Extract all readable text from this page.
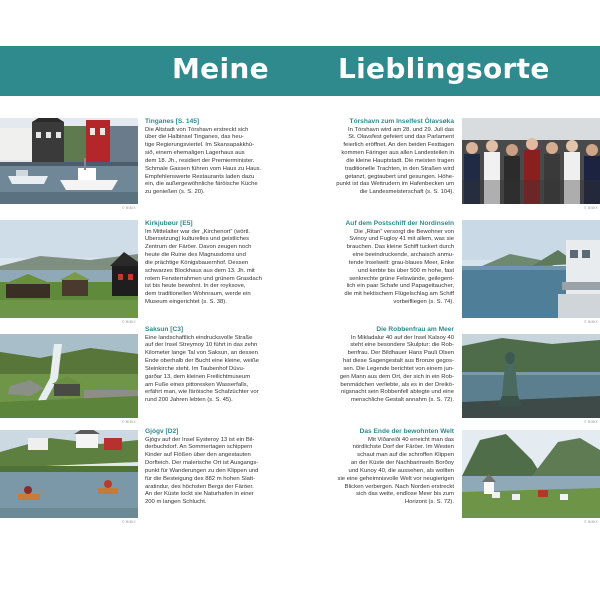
Meine Lieblingsorte
© BIBIX
© BIBIX
© BIBIX
© BIBIX
© BIBIX
© BIBIX
© BIBIX
© BIBIX
Tinganes [S. 145]
Die Altstadt von Tórshavn erstreckt sich
über die Halbinsel Tinganes, das heu-
tige Regierungsviertel. Im Skansapakkhú-
sið, einem ehemaligen Lagerhaus aus
dem 18. Jh., residiert der Premierminister.
Schmale Gassen führen vom Haus zu Haus.
Empfehlenswerte Restaurants laden dazu
ein, die außergewöhnliche färöische Küche
zu genießen (s. S. 20).
Kirkjubøur [E5]
Im Mittelalter war der „Kirchenort“ (wörtl.
Übersetzung) kulturelles und geistliches
Zentrum der Färöer. Davon zeugen noch
heute die Ruine des Magnusdoms und
die prächtige Königsbauernhof. Dessen
schwarzes Blockhaus aus dem 13. Jh. mit
rotem Fensterrahmen und grünem Grasdach
ist bis heute bewohnt. In der royksove,
dem traditionellen Wohnraum, werde ein
Museum eingerichtet (s. S. 38).
Saksun [C3]
Eine landschaftlich eindrucksvolle Straße
auf der Insel Streymoy 10 führt in das zehn
Kilometer lange Tal von Saksun, an dessen
Ende oberhalb der Bucht eine kleine, weiße
Steinkirche steht. Im Taubenhof Dúvu-
garðar 13, dem kleinen Freilichtmuseum
am Fuße eines pittoresken Wasserfalls,
erfährt man, wie färöische Schafzüchter vor
rund 200 Jahren lebten (s. S. 45).
Gjógv [D2]
Gjógv auf der Insel Eysteroy 13 ist ein Bil-
derbuchdorf. An Sommertagen schippern
Kinder auf Flößen über den angestauten
Dorfteich. Der malerische Ort ist Ausgangs-
punkt für Wanderungen zu den Klippen und
für die Besteigung des 882 m hohen Slatt-
aratindur, des höchsten Bergs der Färöer.
An der Küste lockt sie Naturhafen in einer
200 m langen Schlucht.
Tórshavn zum Inselfest Ólavsøka
In Tórshavn wird am 28. und 29. Juli das
St. Olavsfest gefeiert und das Parlament
feierlich eröffnet. An den beiden Festtagen
kommen Färinger aus allen Landesteilen in
die kleine Hauptstadt. Die meisten tragen
traditionelle Trachten, in den Straßen wird
getanzt, gegtaubert und gesungen. Höhe-
punkt ist das Wettrudern im Hafenbecken um
die Landesmeisterschaft (s. S. 104).
Auf dem Postschiff der Nordinseln
Die „Ritan“ versorgt die Bewohner von
Svinoy und Fugloy 41 mit allem, was sie
brauchen. Das kleine Schiff tuckert durch
eine beeindruckende, archaisch anmu-
tende Inselwelt: grau-blaues Meer, Enke
und kerbte bis über 500 m hohe, fast
senkrechte grüne Felswände, geilegent-
lich ein paar Schafe und Papageitaucher,
die mit hektischem Flügelschlag am Schiff
vorbeifliegen (s. S. 74).
Die Robbenfrau am Meer
In Mikladalur 40 auf der Insel Kalsoy 40
steht eine besondere Skulptur: die Rob-
benfrau. Der Bildhauer Hans Pauli Olsen
hat diese Sagengestalt aus Bronze gegos-
sen. Die Legende berichtet von einem jun-
gen Mann aus dem Ort, der sich in ein Rob-
benmädchen verliebte, als es in der Dreikö-
nigsnacht sein Robbenfell abtegte und eine
menschliche Gestalt annahm (s. S. 72).
Das Ende der bewohnten Welt
Mit Viðareiði 40 erreicht man das
nördlichste Dorf der Färöer. Im Westen
schaut man auf die schroffen Klippen
an der Küste der Nachbarinseln Borðoy
und Kunoy 40, die aussehen, als wollten
sie eine geheimnisvolle Welt vor neugierigen
Blicken verbergen. Nach Norden erstreckt
sich das weite, endlose Meer bis zum
Horizont (s. S. 72).
